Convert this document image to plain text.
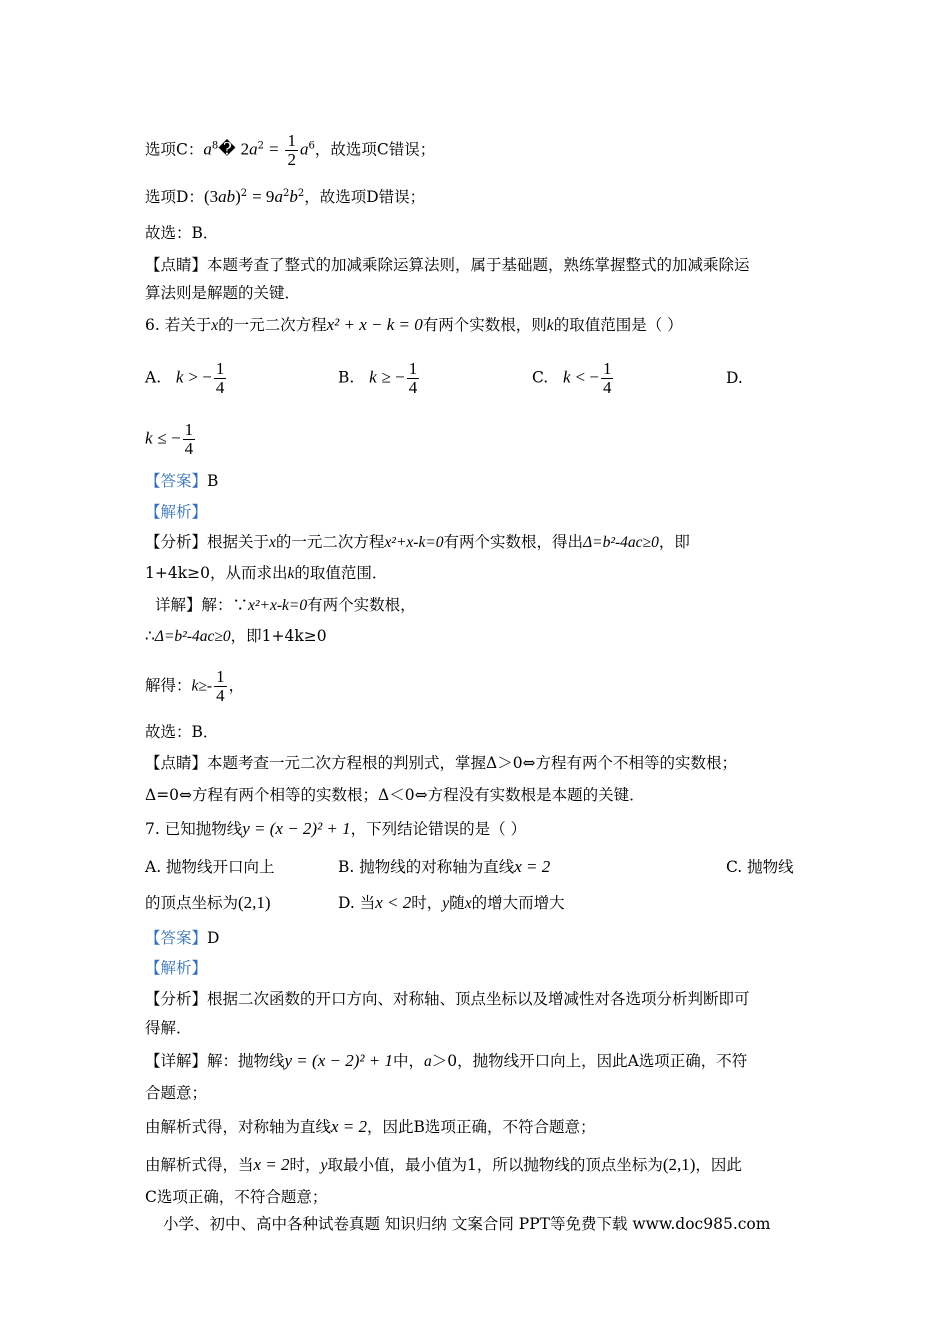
选项C：$a^8�$ $2a^2 = \frac{1}{2} a^6$，故选项C错误；
选项D：$(3ab)^2 = 9a^2b^2$，故选项D错误；
故选：B．
【点睛】本题考查了整式的加减乘除运算法则，属于基础题，熟练掌握整式的加减乘除运
算法则是解题的关键．
6. 若关于x的一元二次方程x² + x − k = 0有两个实数根，则k的取值范围是（ ）
A. k > − $\frac{1}{4}$	B. k ≥ − $\frac{1}{4}$	C. k < − $\frac{1}{4}$	D.
k ≤ − $\frac{1}{4}$
【答案】B
【解析】
【分析】根据关于x的一元二次方程x²+x-k=0有两个实数根，得出Δ=b²-4ac≥0，即
1+4k≥0，从而求出k的取值范围．
详解】解：∵x²+x-k=0有两个实数根，
∴Δ=b²-4ac≥0，即1+4k≥0
解得：$k\ge- \frac{1}{4}$ ，
故选：B．
【点睛】本题考查一元二次方程根的判别式，掌握Δ＞0⇔方程有两个不相等的实数根；
Δ=0⇔方程有两个相等的实数根；Δ＜0⇔方程没有实数根是本题的关键．
7. 已知抛物线y = (x − 2)² + 1，下列结论错误的是（ ）
A. 抛物线开口向上	B. 抛物线的对称轴为直线x = 2	C. 抛物线
的顶点坐标为(2,1)	D. 当x < 2时，y随x的增大而增大
【答案】D
【解析】
【分析】根据二次函数的开口方向、对称轴、顶点坐标以及增减性对各选项分析判断即可
得解．
【详解】解：抛物线y = (x − 2)² + 1中，a＞0，抛物线开口向上，因此A选项正确，不符
合题意；
由解析式得，对称轴为直线x = 2，因此B选项正确，不符合题意；
由解析式得，当x = 2时，y取最小值，最小值为1，所以抛物线的顶点坐标为(2,1)，因此
C选项正确，不符合题意；
小学、初中、高中各种试卷真题 知识归纳 文案合同 PPT等免费下载 www.doc985.com
